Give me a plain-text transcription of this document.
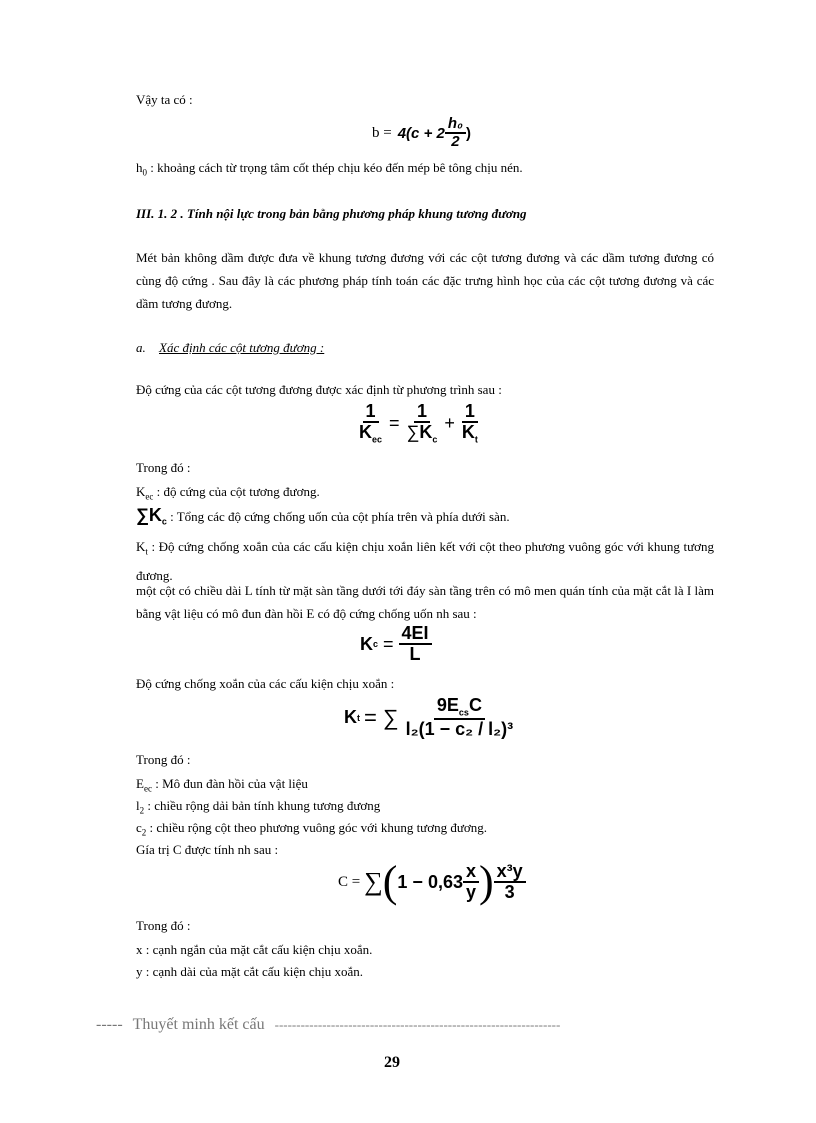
Vậy ta có :
$b = 4(c + 2 \frac{\text{h₀}}{2}$ )
$h_0$ : khoảng cách từ trọng tâm cốt thép chịu kéo đến mép bê tông chịu nén.
III. 1. 2 . Tính nội lực trong bản bằng phương pháp khung tương đương
Mét bản không dầm được đưa về khung tương đương với các cột tương đương và các dầm tương đương có cùng độ cứng . Sau đây là các phương pháp tính toán các đặc trưng hình học của các cột tương đương và các dầm tương đương.
a. Xác định các cột tương đương :
Độ cứng của các cột tương đương được xác định từ phương trình sau :
$\frac{1}{K_{ec}} = \frac{1}{\sum K_c} + \frac{1}{K_t}$
Trong đó :
$K_{ec}$ : độ cứng của cột tương đương.
$\sum K_c$ : Tổng các độ cứng chống uốn của cột phía trên và phía dưới sàn.
$K_t$ : Độ cứng chống xoắn của các cấu kiện chịu xoắn liên kết với cột theo phương vuông góc với khung tương đương.
một cột có chiều dài L tính từ mặt sàn tầng dưới tới đáy sàn tầng trên có mô men quán tính của mặt cắt là I làm bằng vật liệu có mô đun đàn hồi E có độ cứng chống uốn nh sau :
K $c = \frac{4EI}{L}$
Độ cứng chống xoắn của các cấu kiện chịu xoắn :
K t = ∑ $\frac{9E_{cs}C}{\text{l₂(1 − c₂ / l₂)³}}$
Trong đó :
$E_{ec}$ : Mô đun đàn hồi của vật liệu
$l_2$ : chiều rộng dải bản tính khung tương đương
$c_2$ : chiều rộng cột theo phương vuông góc với khung tương đương.
Gía trị C được tính nh sau :
C = ∑ ( $1 - 0,63 \frac{x}{y}$ ) $\frac{\text{x³y}}{3}$
Trong đó :
x : cạnh ngắn của mặt cắt cấu kiện chịu xoắn.
y : cạnh dài của mặt cắt cấu kiện chịu xoắn.
----- Thuyết minh kết cấu ------------------------------------------------------------------
29
